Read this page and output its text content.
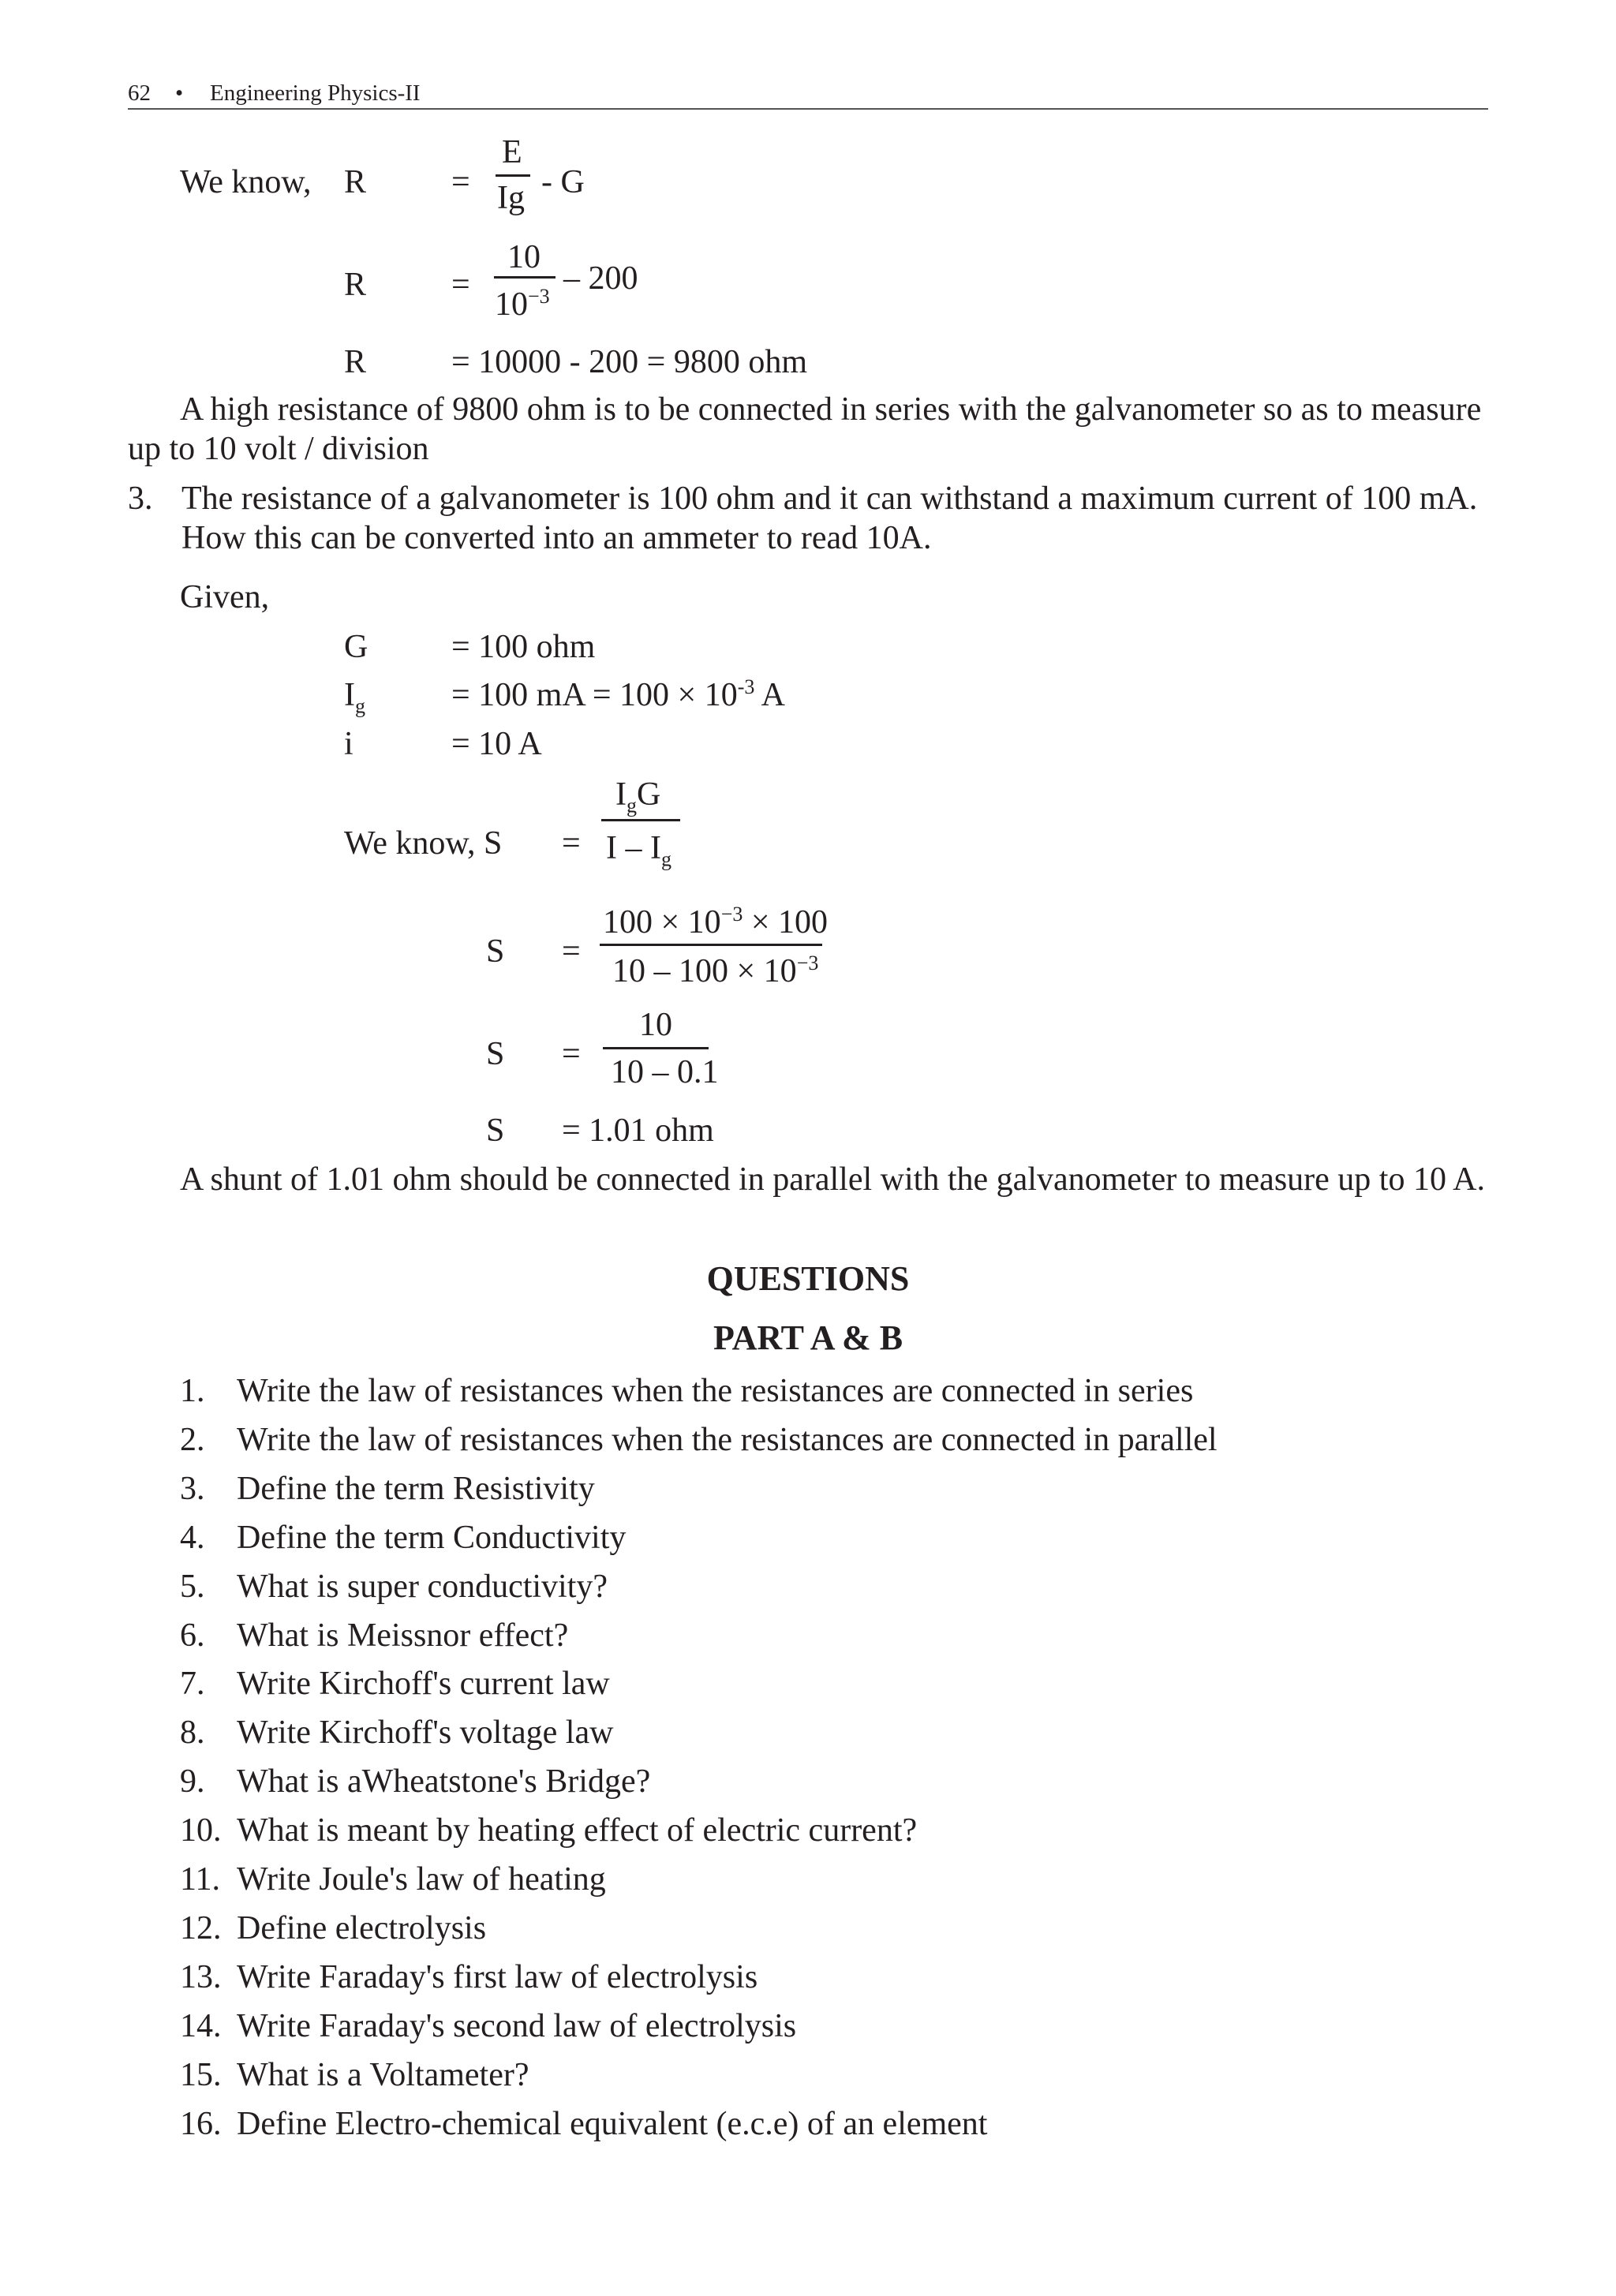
62 • Engineering Physics-II
We know, R	=
E
Ig - G
R	=
10
$10^{-3} - 200$
R	= 10000 - 200 = 9800 ohm
A high resistance of 9800 ohm is to be connected in series with the galvanometer so as to measure up to 10 volt / division
3. The resistance of a galvanometer is 100 ohm and it can withstand a maximum current of 100 mA.
How this can be converted into an ammeter to read 10A.
Given,
G	= 100 ohm
$I_g$	= 100 mA = $100 \times 10^{-3}$ A
i	= 10 A
We know, S =
$I_gG$
I – $I_g$
S =
$100 \times 10^{-3} \times 100$
$10 - 100 \times 10^{-3}$
S =
10
10 – 0.1
S = 1.01 ohm
A shunt of 1.01 ohm should be connected in parallel with the galvanometer to measure up to 10 A.
QUESTIONS
PART A & B
1. Write the law of resistances when the resistances are connected in series
2. Write the law of resistances when the resistances are connected in parallel
3. Define the term Resistivity
4. Define the term Conductivity
5. What is super conductivity?
6. What is Meissnor effect?
7. Write Kirchoff's current law
8. Write Kirchoff's voltage law
9. What is aWheatstone's Bridge?
10. What is meant by heating effect of electric current?
11. Write Joule's law of heating
12. Define electrolysis
13. Write Faraday's first law of electrolysis
14. Write Faraday's second law of electrolysis
15. What is a Voltameter?
16. Define Electro-chemical equivalent (e.c.e) of an element
